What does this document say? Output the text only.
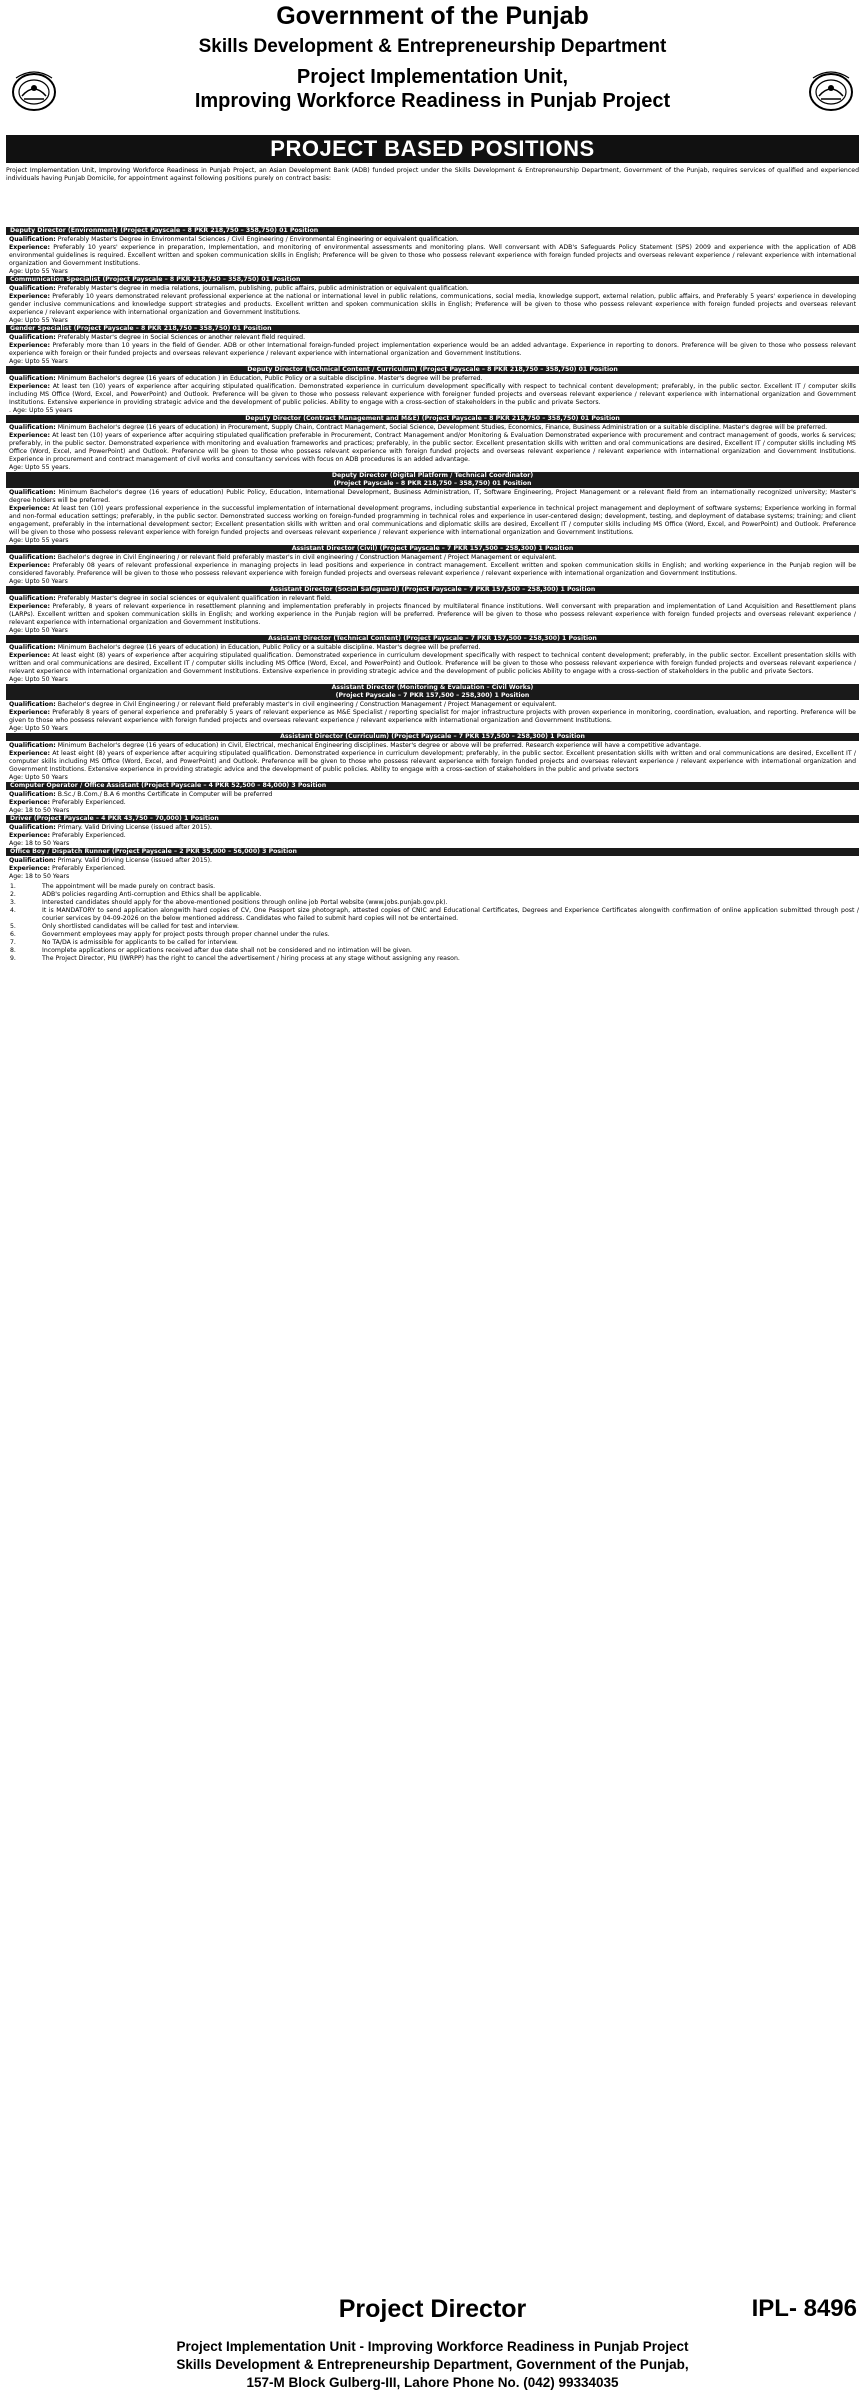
Government of the Punjab
Skills Development & Entrepreneurship Department
Project Implementation Unit,
Improving Workforce Readiness in Punjab Project
PROJECT BASED POSITIONS
Project Implementation Unit, Improving Workforce Readiness in Punjab Project, an Asian Development Bank (ADB) funded project under the Skills Development & Entrepreneurship Department, Government of the Punjab, requires services of qualified and experienced individuals having Punjab Domicile, for appointment against following positions purely on contract basis:
Deputy Director (Environment) (Project Payscale – 8 PKR 218,750 – 358,750) 01 Position
Qualification: Preferably Master's Degree in Environmental Sciences / Civil Engineering / Environmental Engineering or equivalent qualification.
Experience: Preferably 10 years' experience in preparation, Implementation, and monitoring of environmental assessments and monitoring plans. Well conversant with ADB's Safeguards Policy Statement (SPS) 2009 and experience with the application of ADB environmental guidelines is required. Excellent written and spoken communication skills in English; Preference will be given to those who possess relevant experience with foreign funded projects and overseas relevant experience / relevant experience with international organization and Government Institutions.
Age: Upto 55 Years
Communication Specialist (Project Payscale – 8 PKR 218,750 – 358,750) 01 Position
Qualification: Preferably Master's degree in media relations, journalism, publishing, public affairs, public administration or equivalent qualification.
Experience: Preferably 10 years demonstrated relevant professional experience at the national or international level in public relations, communications, social media, knowledge support, external relation, public affairs, and Preferably 5 years' experience in developing gender inclusive communications and knowledge support strategies and products. Excellent written and spoken communication skills in English; Preference will be given to those who possess relevant experience with foreign funded projects and overseas relevant experience / relevant experience with international organization and Government Institutions.
Age: Upto 55 Years
Gender Specialist (Project Payscale – 8 PKR 218,750 – 358,750) 01 Position
Qualification: Preferably Master's degree in Social Sciences or another relevant field required.
Experience: Preferably more than 10 years in the field of Gender. ADB or other International foreign-funded project implementation experience would be an added advantage. Experience in reporting to donors. Preference will be given to those who possess relevant experience with foreign or their funded projects and overseas relevant experience / relevant experience with international organization and Government Institutions.
Age: Upto 55 Years
Deputy Director (Technical Content / Curriculum) (Project Payscale – 8 PKR 218,750 – 358,750) 01 Position
Qualification: Minimum Bachelor's degree (16 years of education ) in Education, Public Policy or a suitable discipline. Master's degree will be preferred.
Experience: At least ten (10) years of experience after acquiring stipulated qualification. Demonstrated experience in curriculum development specifically with respect to technical content development; preferably, in the public sector. Excellent IT / computer skills including MS Office (Word, Excel, and PowerPoint) and Outlook. Preference will be given to those who possess relevant experience with foreigner funded projects and overseas relevant experience / relevant experience with international organization and Government Institutions. Extensive experience in providing strategic advice and the development of public policies. Ability to engage with a cross-section of stakeholders in the public and private Sectors.
. Age: Upto 55 years
Deputy Director (Contract Management and M&E) (Project Payscale – 8 PKR 218,750 – 358,750) 01 Position
Qualification: Minimum Bachelor's degree (16 years of education) in Procurement, Supply Chain, Contract Management, Social Science, Development Studies, Economics, Finance, Business Administration or a suitable discipline. Master's degree will be preferred.
Experience: At least ten (10) years of experience after acquiring stipulated qualification preferable in Procurement, Contract Management and/or Monitoring & Evaluation Demonstrated experience with procurement and contract management of goods, works & services; preferably, in the public sector. Demonstrated experience with monitoring and evaluation frameworks and practices; preferably, in the public sector. Excellent presentation skills with written and oral communications are desired, Excellent IT / computer skills including MS Office (Word, Excel, and PowerPoint) and Outlook. Preference will be given to those who possess relevant experience with foreign funded projects and overseas relevant experience / relevant experience with international organization and Government Institutions. Experience in procurement and contract management of civil works and consultancy services with focus on ADB procedures is an added advantage.
Age: Upto 55 years.
Deputy Director (Digital Platform / Technical Coordinator)
(Project Payscale – 8 PKR 218,750 – 358,750) 01 Position
Qualification: Minimum Bachelor's degree (16 years of education) Public Policy, Education, International Development, Business Administration, IT, Software Engineering, Project Management or a relevant field from an internationally recognized university; Master's degree holders will be preferred.
Experience: At least ten (10) years professional experience in the successful implementation of international development programs, including substantial experience in technical project management and deployment of software systems; Experience working in formal and non-formal education settings; preferably, in the public sector. Demonstrated success working on foreign-funded programming in technical roles and experience in user-centered design; development, testing, and deployment of database systems; training; and client engagement, preferably in the international development sector; Excellent presentation skills with written and oral communications and diplomatic skills are desired, Excellent IT / computer skills including MS Office (Word, Excel, and PowerPoint) and Outlook. Preference will be given to those who possess relevant experience with foreign funded projects and overseas relevant experience / relevant experience with international organization and Government Institutions.
Age: Upto 55 years
Assistant Director (Civil) (Project Payscale – 7 PKR 157,500 – 258,300) 1 Position
Qualification: Bachelor's degree in Civil Engineering / or relevant field preferably master's in civil engineering / Construction Management / Project Management or equivalent.
Experience: Preferably 08 years of relevant professional experience in managing projects in lead positions and experience in contract management. Excellent written and spoken communication skills in English; and working experience in the Punjab region will be considered favorably. Preference will be given to those who possess relevant experience with foreign funded projects and overseas relevant experience / relevant experience with international organization and Government Institutions.
Age: Upto 50 Years
Assistant Director (Social Safeguard) (Project Payscale – 7 PKR 157,500 – 258,300) 1 Position
Qualification: Preferably Master's degree in social sciences or equivalent qualification in relevant field.
Experience: Preferably, 8 years of relevant experience in resettlement planning and implementation preferably in projects financed by multilateral finance institutions. Well conversant with preparation and implementation of Land Acquisition and Resettlement plans (LARPs). Excellent written and spoken communication skills in English; and working experience in the Punjab region will be preferred. Preference will be given to those who possess relevant experience with foreign funded projects and overseas relevant experience / relevant experience with international organization and Government Institutions.
Age: Upto 50 Years
Assistant Director (Technical Content) (Project Payscale – 7 PKR 157,500 – 258,300) 1 Position
Qualification: Minimum Bachelor's degree (16 years of education) in Education, Public Policy or a suitable discipline. Master's degree will be preferred.
Experience: At least eight (8) years of experience after acquiring stipulated qualification. Demonstrated experience in curriculum development specifically with respect to technical content development; preferably, in the public sector. Excellent presentation skills with written and oral communications are desired, Excellent IT / computer skills including MS Office (Word, Excel, and PowerPoint) and Outlook. Preference will be given to those who possess relevant experience with foreign funded projects and overseas relevant experience / relevant experience with international organization and Government Institutions. Extensive experience in providing strategic advice and the development of public policies Ability to engage with a cross-section of stakeholders in the public and private Sectors.
Age: Upto 50 Years
Assistant Director (Monitoring & Evaluation – Civil Works)
(Project Payscale – 7 PKR 157,500 – 258,300) 1 Position
Qualification: Bachelor's degree in Civil Engineering / or relevant field preferably master's in civil engineering / Construction Management / Project Management or equivalent.
Experience: Preferably 8 years of general experience and preferably 5 years of relevant experience as M&E Specialist / reporting specialist for major infrastructure projects with proven experience in monitoring, coordination, evaluation, and reporting. Preference will be given to those who possess relevant experience with foreign funded projects and overseas relevant experience / relevant experience with international organization and Government Institutions.
Age: Upto 50 Years
Assistant Director (Curriculum) (Project Payscale – 7 PKR 157,500 – 258,300) 1 Position
Qualification: Minimum Bachelor's degree (16 years of education) in Civil, Electrical, mechanical Engineering disciplines. Master's degree or above will be preferred. Research experience will have a competitive advantage.
Experience: At least eight (8) years of experience after acquiring stipulated qualification. Demonstrated experience in curriculum development; preferably, in the public sector. Excellent presentation skills with written and oral communications are desired, Excellent IT / computer skills including MS Office (Word, Excel, and PowerPoint) and Outlook. Preference will be given to those who possess relevant experience with foreign funded projects and overseas relevant experience / relevant experience with international organization and Government Institutions. Extensive experience in providing strategic advice and the development of public policies. Ability to engage with a cross-section of stakeholders in the public and private sectors
Age: Upto 50 Years
Computer Operator / Office Assistant (Project Payscale – 4 PKR 52,500 – 84,000) 3 Position
Qualification: B.Sc./ B.Com./ B.A 6 months Certificate in Computer will be preferred
Experience: Preferably Experienced.
Age: 18 to 50 Years
Driver (Project Payscale – 4 PKR 43,750 – 70,000) 1 Position
Qualification: Primary. Valid Driving License (issued after 2015).
Experience: Preferably Experienced.
Age: 18 to 50 Years
Office Boy / Dispatch Runner (Project Payscale – 2 PKR 35,000 – 56,000) 3 Position
Qualification: Primary. Valid Driving License (issued after 2015).
Experience: Preferably Experienced.
Age: 18 to 50 Years
1.	The appointment will be made purely on contract basis.
2.	ADB's policies regarding Anti-corruption and Ethics shall be applicable.
3.	Interested candidates should apply for the above-mentioned positions through online job Portal website (www.jobs.punjab.gov.pk).
4.	It is MANDATORY to send application alongwith hard copies of CV, One Passport size photograph, attested copies of CNIC and Educational Certificates, Degrees and Experience Certificates alongwith confirmation of online application submitted through post / courier services by 04-09-2026 on the below mentioned address. Candidates who failed to submit hard copies will not be entertained.
5.	Only shortlisted candidates will be called for test and interview.
6.	Government employees may apply for project posts through proper channel under the rules.
7.	No TA/DA is admissible for applicants to be called for interview.
8.	Incomplete applications or applications received after due date shall not be considered and no intimation will be given.
9.	The Project Director, PIU (IWRPP) has the right to cancel the advertisement / hiring process at any stage without assigning any reason.
Project Director	IPL- 8496
Project Implementation Unit - Improving Workforce Readiness in Punjab Project
Skills Development & Entrepreneurship Department, Government of the Punjab,
157-M Block Gulberg-III, Lahore Phone No. (042) 99334035
